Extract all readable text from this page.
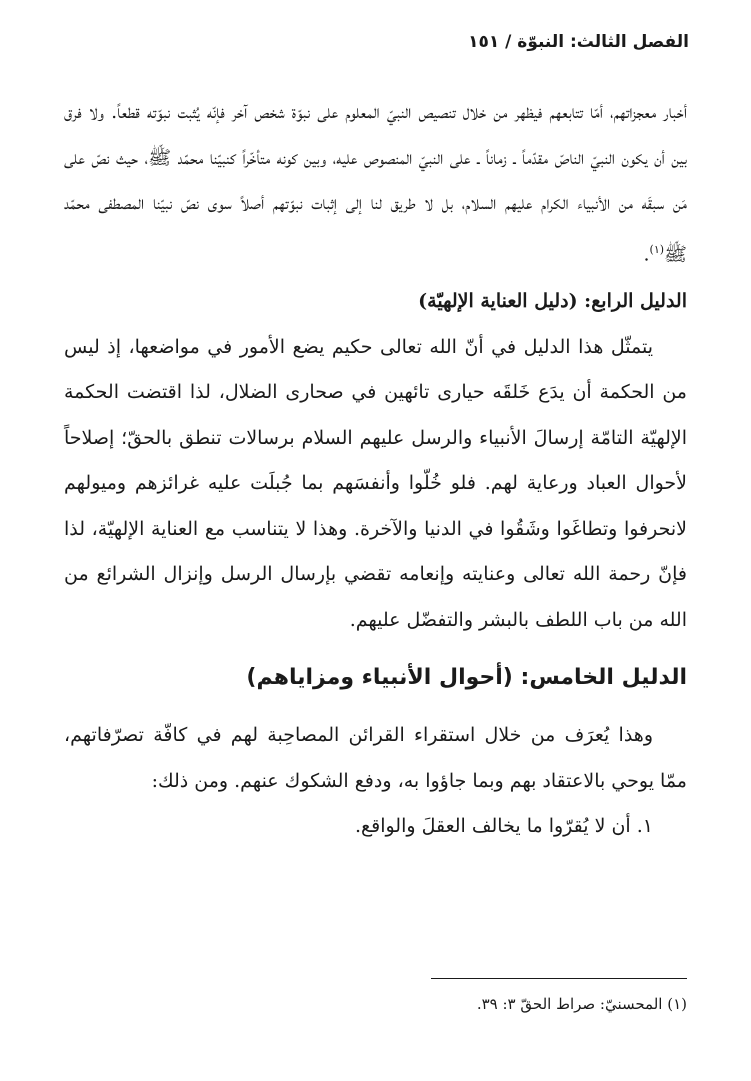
الفصل الثالث: النبوّة / ١٥١

أخبار معجزاتهم، أمّا تتابعهم فيظهر من خلال تنصيص النبيّ المعلوم على نبوّة شخص آخر فإنّه يُثبت نبوّته قطعاً. ولا فرق بين أن يكون النبيّ الناصّ مقدّماً ـ زماناً ـ على النبيّ المنصوص عليه، وبين كونه متأخّراً كنبيّنا محمّد ﷺ، حيث نصّ على مَن سبقَه من الأنبياء الكرام عليهم السلام، بل لا طريق لنا إلى إثبات نبوّتهم أصلاً سوى نصّ نبيّنا المصطفى محمّد ﷺ$^{(١)}$.

الدليل الرابع: (دليل العناية الإلهيّة)

يتمثّل هذا الدليل في أنّ الله تعالى حكيم يضع الأمور في مواضعها، إذ ليس من الحكمة أن يدَع خَلقَه حيارى تائهين في صحارى الضلال، لذا اقتضت الحكمة الإلهيّة التامّة إرسالَ الأنبياء والرسل عليهم السلام برسالات تنطق بالحقّ؛ إصلاحاً لأحوال العباد ورعاية لهم. فلو خُلّوا وأنفسَهم بما جُبلَت عليه غرائزهم وميولهم لانحرفوا وتطاغَوا وشَقُوا في الدنيا والآخرة. وهذا لا يتناسب مع العناية الإلهيّة، لذا فإنّ رحمة الله تعالى وعنايته وإنعامه تقضي بإرسال الرسل وإنزال الشرائع من الله من باب اللطف بالبشر والتفضّل عليهم.

الدليل الخامس: (أحوال الأنبياء ومزاياهم)

وهذا يُعرَف من خلال استقراء القرائن المصاحِبة لهم في كافّة تصرّفاتهم، ممّا يوحي بالاعتقاد بهم وبما جاؤوا به، ودفع الشكوك عنهم. ومن ذلك:

١. أن لا يُقرّوا ما يخالف العقلَ والواقع.

(١) المحسنيّ: صراط الحقّ ٣: ٣٩.
